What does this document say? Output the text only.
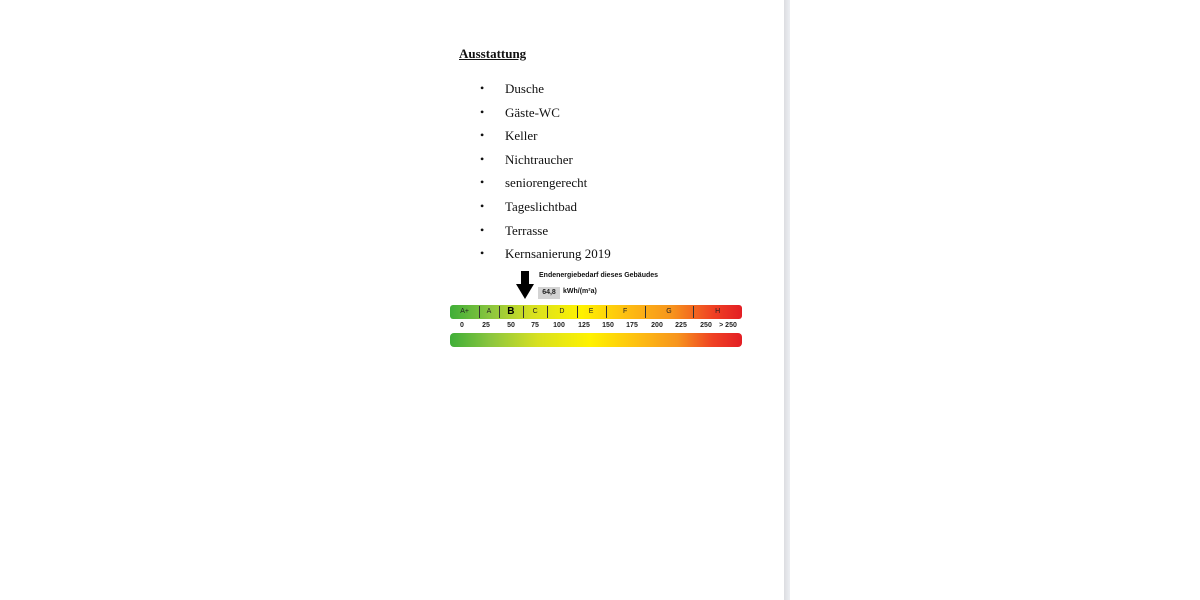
Ausstattung
• Dusche
• Gäste-WC
• Keller
• Nichtraucher
• seniorengerecht
• Tageslichtbad
• Terrasse
• Kernsanierung 2019
Endenergiebedarf dieses Gebäudes
64,8	kWh/(m²a)
A+	A B	C	D	E	F	G	H
0	25 50 75 100 125 150 175 200 225 250 > 250
